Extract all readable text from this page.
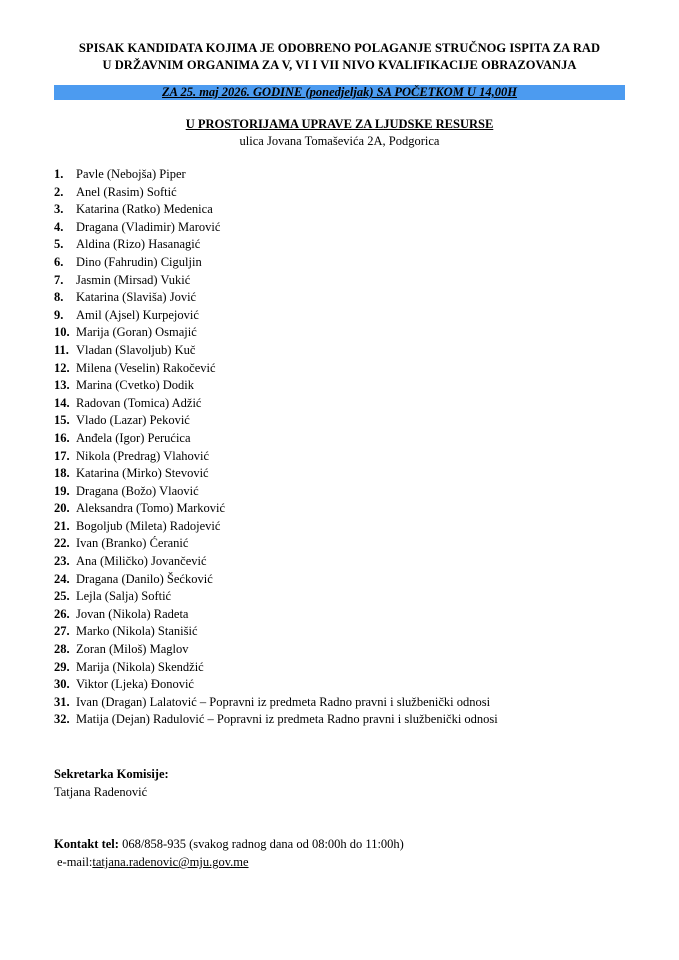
SPISAK KANDIDATA KOJIMA JE ODOBRENO POLAGANJE STRUČNOG ISPITA ZA RAD
U DRŽAVNIM ORGANIMA ZA V, VI I VII NIVO KVALIFIKACIJE OBRAZOVANJA
ZA 25. maj 2026. GODINE (ponedjeljak) SA POČETKOM U 14,00H
U PROSTORIJAMA UPRAVE ZA LJUDSKE RESURSE
ulica Jovana Tomaševića 2A, Podgorica
1. Pavle (Nebojša) Piper
2. Anel (Rasim) Softić
3. Katarina (Ratko) Medenica
4. Dragana (Vladimir) Marović
5. Aldina (Rizo) Hasanagić
6. Dino (Fahrudin) Ciguljin
7. Jasmin (Mirsad) Vukić
8. Katarina (Slaviša) Jović
9. Amil (Ajsel) Kurpejović
10. Marija (Goran) Osmajić
11. Vladan (Slavoljub) Kuč
12. Milena (Veselin) Rakočević
13. Marina (Cvetko) Dodik
14. Radovan (Tomica) Adžić
15. Vlado (Lazar) Peković
16. Anđela (Igor) Perućica
17. Nikola (Predrag) Vlahović
18. Katarina (Mirko) Stevović
19. Dragana (Božo) Vlaović
20. Aleksandra (Tomo) Marković
21. Bogoljub (Mileta) Radojević
22. Ivan (Branko) Ćeranić
23. Ana (Miličko) Jovančević
24. Dragana (Danilo) Šećković
25. Lejla (Salja) Softić
26. Jovan (Nikola) Radeta
27. Marko (Nikola) Stanišić
28. Zoran (Miloš) Maglov
29. Marija (Nikola) Skendžić
30. Viktor (Ljeka) Đonović
31. Ivan (Dragan) Lalatović – Popravni iz predmeta Radno pravni i službenički odnosi
32. Matija (Dejan) Radulović – Popravni iz predmeta Radno pravni i službenički odnosi
Sekretarka Komisije:
Tatjana Radenović
Kontakt tel: 068/858-935 (svakog radnog dana od 08:00h do 11:00h)
e-mail:tatjana.radenovic@mju.gov.me
